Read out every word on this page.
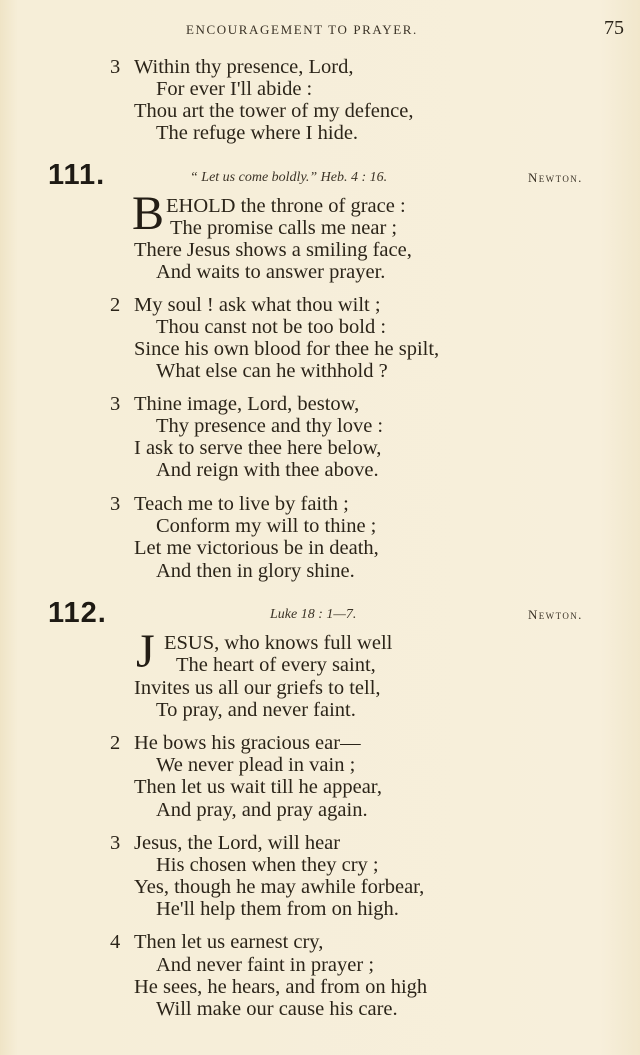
ENCOURAGEMENT TO PRAYER.	75
3 Within thy presence, Lord,
For ever I'll abide :
Thou art the tower of my defence,
The refuge where I hide.
111.	“ Let us come boldly.” Heb. 4 : 16.	Newton.
B EHOLD the throne of grace :
The promise calls me near ;
There Jesus shows a smiling face,
And waits to answer prayer.
2 My soul ! ask what thou wilt ;
Thou canst not be too bold :
Since his own blood for thee he spilt,
What else can he withhold ?
3 Thine image, Lord, bestow,
Thy presence and thy love :
I ask to serve thee here below,
And reign with thee above.
3 Teach me to live by faith ;
Conform my will to thine ;
Let me victorious be in death,
And then in glory shine.
112.	Luke 18 : 1—7.	Newton.
J ESUS, who knows full well
The heart of every saint,
Invites us all our griefs to tell,
To pray, and never faint.
2 He bows his gracious ear—
We never plead in vain ;
Then let us wait till he appear,
And pray, and pray again.
3 Jesus, the Lord, will hear
His chosen when they cry ;
Yes, though he may awhile forbear,
He'll help them from on high.
4 Then let us earnest cry,
And never faint in prayer ;
He sees, he hears, and from on high
Will make our cause his care.
